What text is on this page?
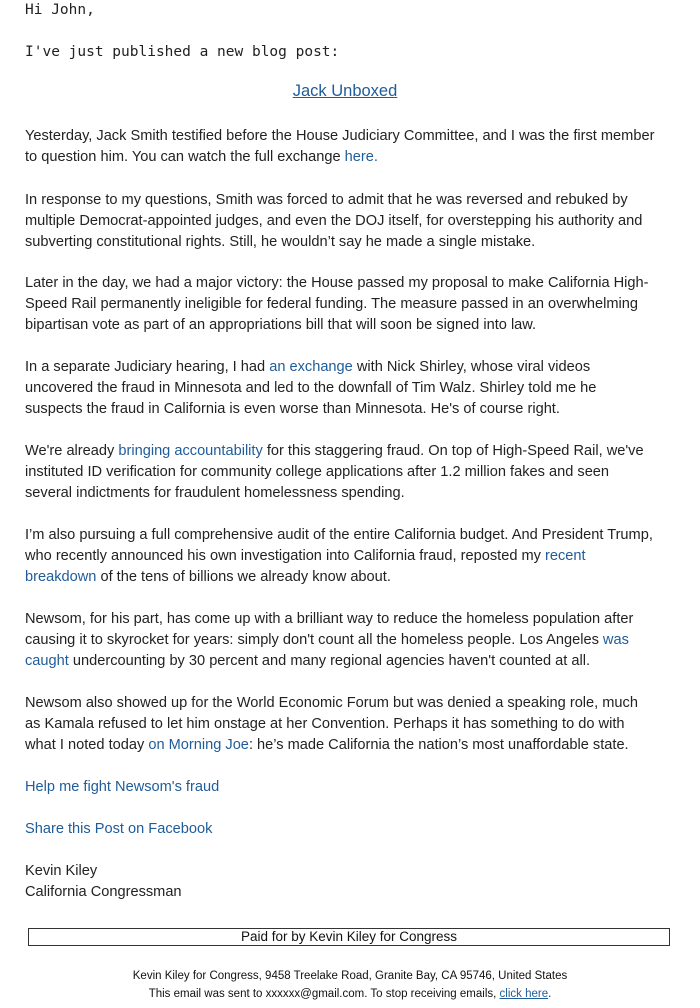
Hi John,

I've just published a new blog post:

Jack Unboxed
Yesterday, Jack Smith testified before the House Judiciary Committee, and I was the first member
to question him. You can watch the full exchange here.
In response to my questions, Smith was forced to admit that he was reversed and rebuked by
multiple Democrat-appointed judges, and even the DOJ itself, for overstepping his authority and
subverting constitutional rights. Still, he wouldn’t say he made a single mistake.
Later in the day, we had a major victory: the House passed my proposal to make California High-
Speed Rail permanently ineligible for federal funding. The measure passed in an overwhelming
bipartisan vote as part of an appropriations bill that will soon be signed into law.
In a separate Judiciary hearing, I had an exchange with Nick Shirley, whose viral videos
uncovered the fraud in Minnesota and led to the downfall of Tim Walz. Shirley told me he
suspects the fraud in California is even worse than Minnesota. He's of course right.
We're already bringing accountability for this staggering fraud. On top of High-Speed Rail, we've
instituted ID verification for community college applications after 1.2 million fakes and seen
several indictments for fraudulent homelessness spending.
I’m also pursuing a full comprehensive audit of the entire California budget. And President Trump,
who recently announced his own investigation into California fraud, reposted my recent
breakdown of the tens of billions we already know about.
Newsom, for his part, has come up with a brilliant way to reduce the homeless population after
causing it to skyrocket for years: simply don't count all the homeless people. Los Angeles was
caught undercounting by 30 percent and many regional agencies haven't counted at all.
Newsom also showed up for the World Economic Forum but was denied a speaking role, much
as Kamala refused to let him onstage at her Convention. Perhaps it has something to do with
what I noted today on Morning Joe: he’s made California the nation’s most unaffordable state.
Help me fight Newsom's fraud
Share this Post on Facebook
Kevin Kiley
California Congressman
Paid for by Kevin Kiley for Congress
Kevin Kiley for Congress, 9458 Treelake Road, Granite Bay, CA 95746, United States
This email was sent to xxxxxx@gmail.com. To stop receiving emails, click here.
